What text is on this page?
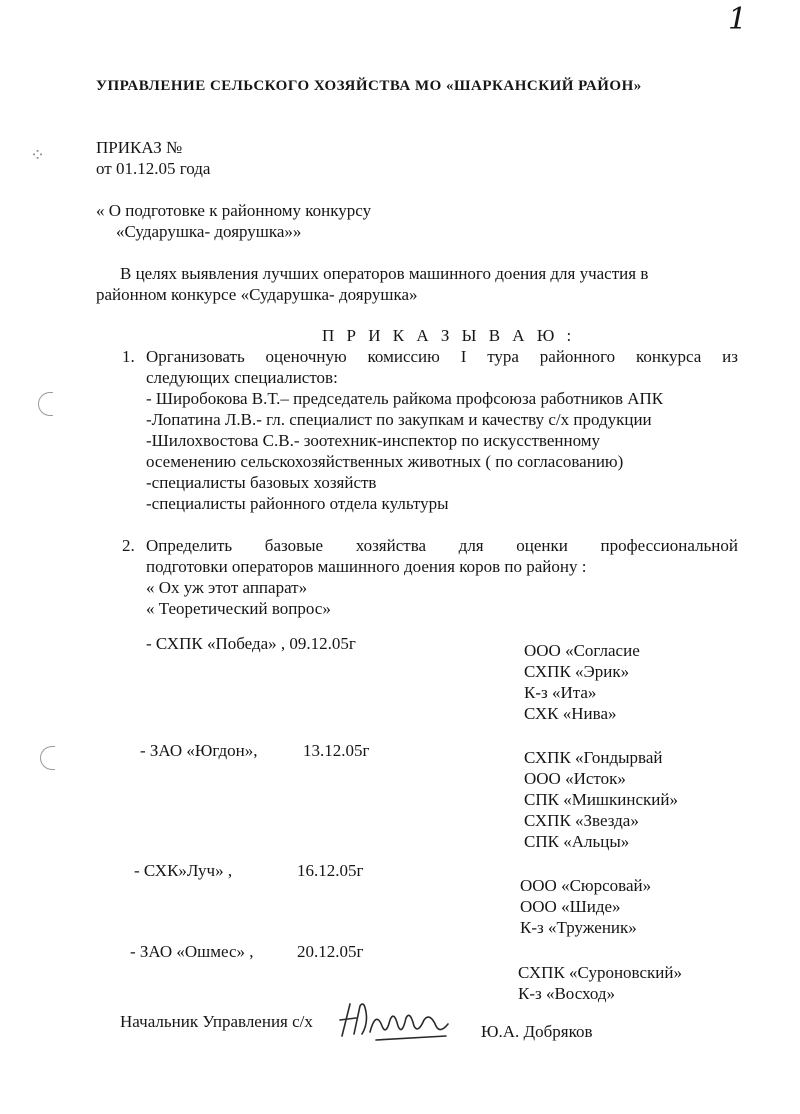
⁘
1
УПРАВЛЕНИЕ СЕЛЬСКОГО ХОЗЯЙСТВА МО «ШАРКАНСКИЙ РАЙОН»
ПРИКАЗ №
от 01.12.05 года
« О подготовке к районному конкурсу
«Сударушка- доярушка»»
В целях выявления лучших операторов машинного доения для участия в
районном конкурсе «Сударушка- доярушка»
П Р И К А З Ы В А Ю :
1. Организовать оценочную комиссию I тура районного конкурса из
следующих специалистов:
- Широбокова В.Т.– председатель райкома профсоюза работников АПК
-Лопатина Л.В.- гл. специалист по закупкам и качеству с/х продукции
-Шилохвостова С.В.- зоотехник-инспектор по искусственному
осеменению сельскохозяйственных животных ( по согласованию)
-специалисты базовых хозяйств
-специалисты районного отдела культуры
2. Определить базовые хозяйства для оценки профессиональной
подготовки операторов машинного доения коров по району :
« Ох уж этот аппарат»
« Теоретический вопрос»
- СХПК «Победа» , 09.12.05г	ООО «Согласие
СХПК «Эрик»
К-з «Ита»
СХК «Нива»
- ЗАО «Югдон»,	13.12.05г	СХПК «Гондырвай
ООО «Исток»
СПК «Мишкинский»
СХПК «Звезда»
СПК «Альцы»
- СХК»Луч» ,	16.12.05г
ООО «Сюрсовай»
ООО «Шиде»
К-з «Труженик»
- ЗАО «Ошмес» ,	20.12.05г
СХПК «Суроновский»
К-з «Восход»
Начальник Управления с/х
Ю.А. Добряков
